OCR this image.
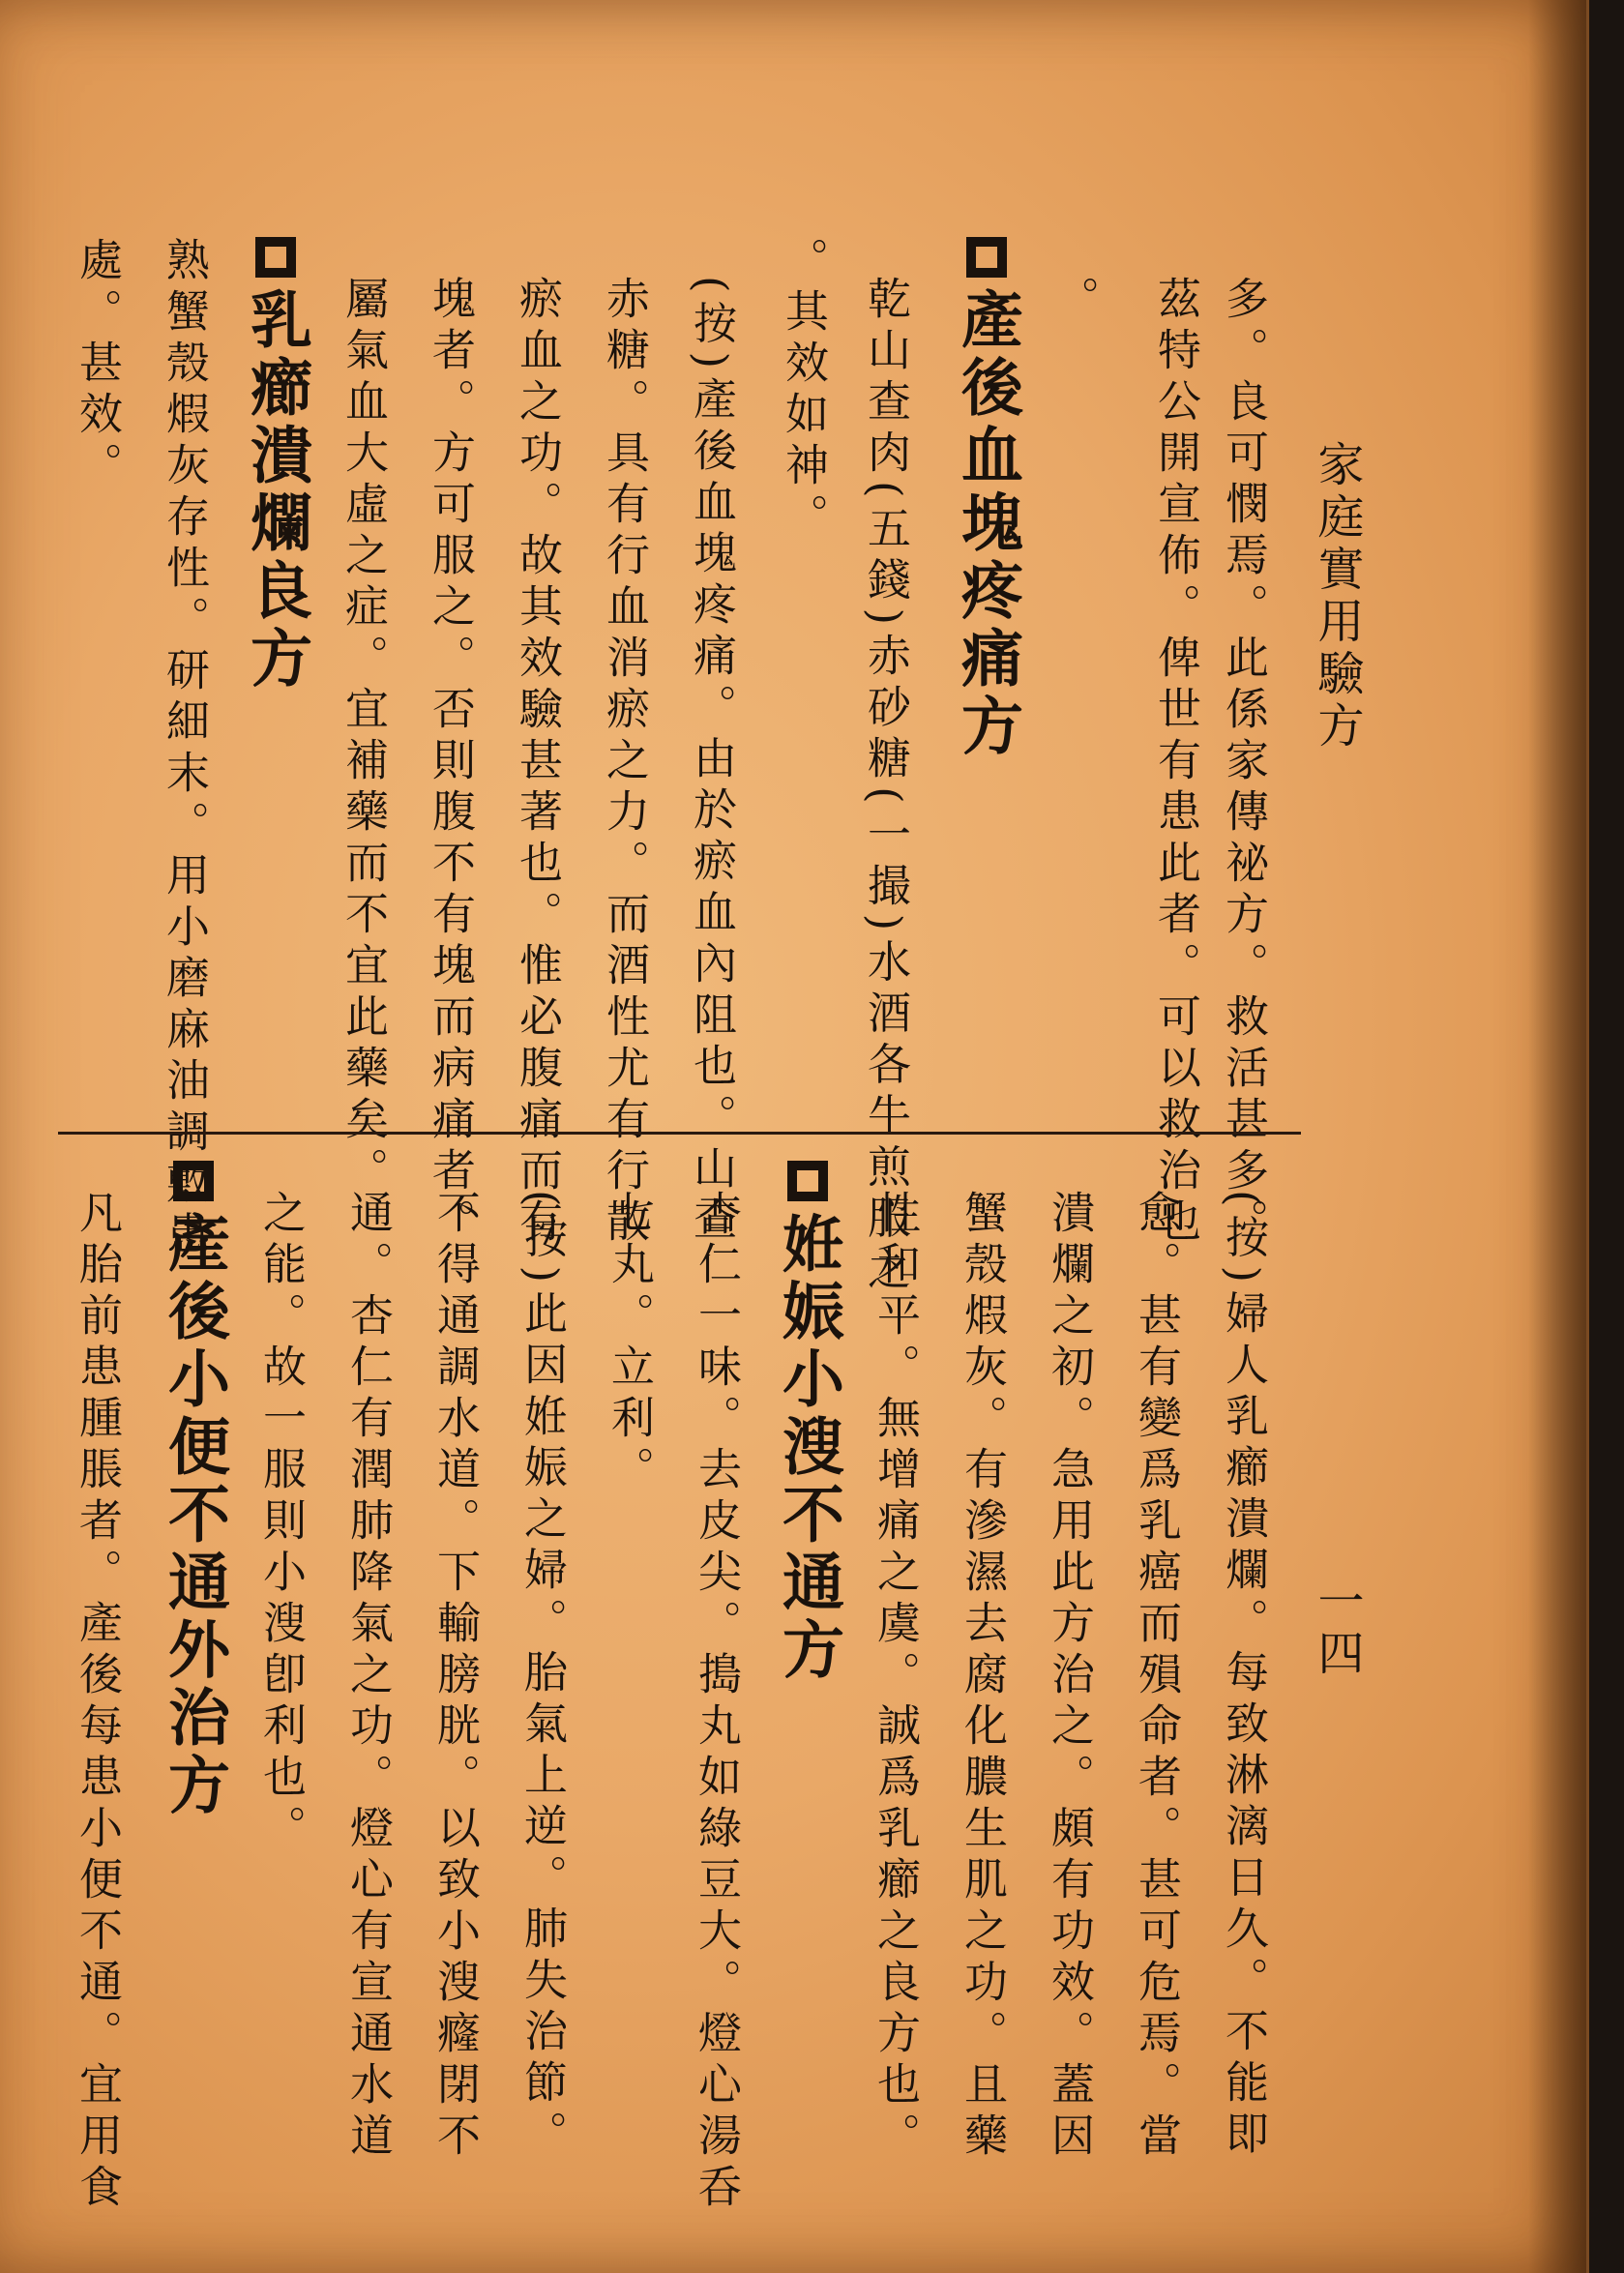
家庭實用驗方
一四
多。良可憫焉。此係家傳祕方。救活甚多。
茲特公開宣佈。俾世有患此者。可以救治也
。
產後血塊疼痛方
乾山查肉(五錢)赤砂糖(一撮)水酒各牛煎服之
。其效如神。
(按)產後血塊疼痛。由於瘀血內阻也。山查
赤糖。具有行血消瘀之力。而酒性尤有行散
瘀血之功。故其效驗甚著也。惟必腹痛而有
塊者。方可服之。否則腹不有塊而病痛者。
屬氣血大虛之症。宜補藥而不宜此藥矣。
乳癤潰爛良方
熟蟹殼煆灰存性。研細末。用小磨麻油調敷患
處。甚效。
(按)婦人乳癤潰爛。每致淋漓日久。不能即
愈。甚有變爲乳癌而殞命者。甚可危焉。當
潰爛之初。急用此方治之。頗有功效。蓋因
蟹殼煆灰。有滲濕去腐化膿生肌之功。且藥
性和平。無增痛之虞。誠爲乳癤之良方也。
姙娠小溲不通方
杏仁一味。去皮尖。搗丸如綠豆大。燈心湯呑
七丸。立利。
(按)此因姙娠之婦。胎氣上逆。肺失治節。
不得通調水道。下輸膀胱。以致小溲癃閉不
通。杏仁有潤肺降氣之功。燈心有宣通水道
之能。故一服則小溲卽利也。
產後小便不通外治方
凡胎前患腫脹者。產後每患小便不通。宜用食
